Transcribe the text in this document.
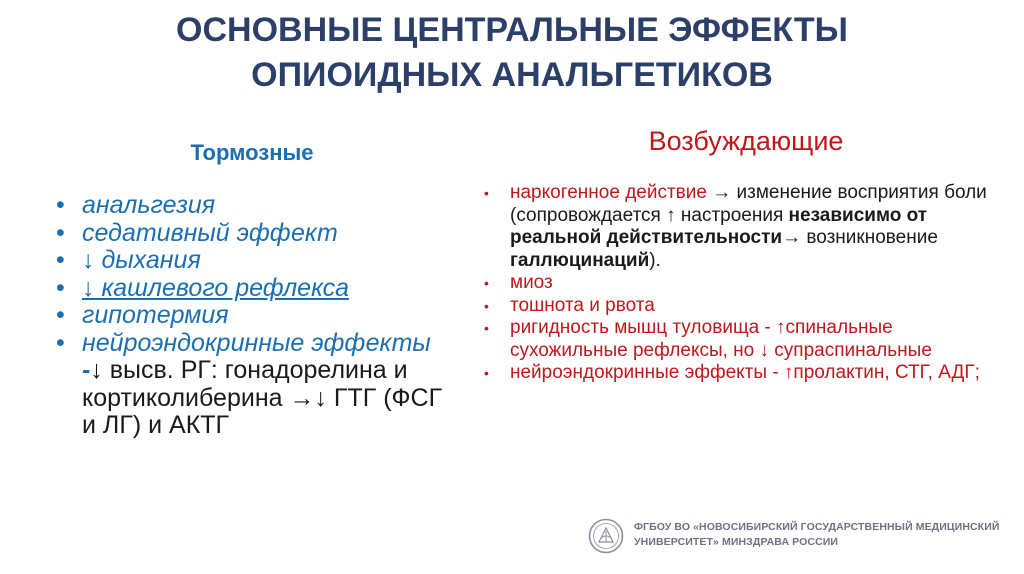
ОСНОВНЫЕ ЦЕНТРАЛЬНЫЕ ЭФФЕКТЫ
ОПИОИДНЫХ АНАЛЬГЕТИКОВ
Тормозные	Возбуждающие
• анальгезия
• седативный эффект
• ↓ дыхания
• ↓ кашлевого рефлекса
• гипотермия
• нейроэндокринные эффекты -↓ высв. РГ: гонадорелина и кортиколиберина →↓ ГТГ (ФСГ и ЛГ) и АКТГ
• наркогенное действие → изменение восприятия боли (сопровождается ↑ настроения независимо от реальной действительности→ возникновение галлюцинаций).
• миоз
• тошнота и рвота
• ригидность мышц туловища - ↑спинальные сухожильные рефлексы, но ↓ супраспинальные
• нейроэндокринные эффекты - ↑пролактин, СТГ, АДГ;
ФГБОУ ВО «НОВОСИБИРСКИЙ ГОСУДАРСТВЕННЫЙ МЕДИЦИНСКИЙ
УНИВЕРСИТЕТ» МИНЗДРАВА РОССИИ
